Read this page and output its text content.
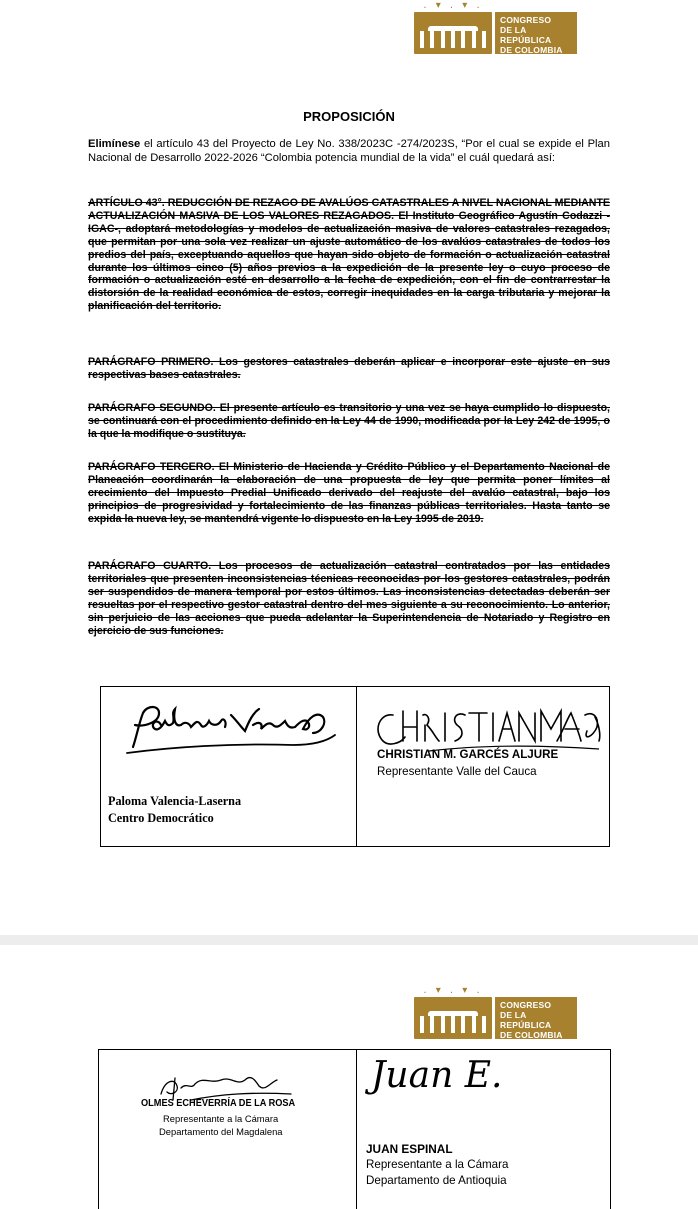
. ▾ . ▾ .
CONGRESO
DE LA REPÚBLICA
DE COLOMBIA
SENADO DE LA REPÚBLICA
PROPOSICIÓN
Elimínese el artículo 43 del Proyecto de Ley No. 338/2023C -274/2023S, “Por el cual se expide el Plan Nacional de Desarrollo 2022-2026 “Colombia potencia mundial de la vida” el cuál quedará así:

ARTÍCULO 43°. REDUCCIÓN DE REZAGO DE AVALÚOS CATASTRALES A NIVEL NACIONAL MEDIANTE ACTUALIZACIÓN MASIVA DE LOS VALORES REZAGADOS. El Instituto Geográfico Agustín Codazzi -IGAC-, adoptará metodologías y modelos de actualización masiva de valores catastrales rezagados, que permitan por una sola vez realizar un ajuste automático de los avalúos catastrales de todos los predios del país, exceptuando aquellos que hayan sido objeto de formación o actualización catastral durante los últimos cinco (5) años previos a la expedición de la presente ley o cuyo proceso de formación o actualización esté en desarrollo a la fecha de expedición, con el fin de contrarrestar la distorsión de la realidad económica de estos, corregir inequidades en la carga tributaria y mejorar la planificación del territorio.

PARÁGRAFO PRIMERO. Los gestores catastrales deberán aplicar e incorporar este ajuste en sus respectivas bases catastrales.

PARÁGRAFO SEGUNDO. El presente artículo es transitorio y una vez se haya cumplido lo dispuesto, se continuará con el procedimiento definido en la Ley 44 de 1990, modificada por la Ley 242 de 1995, o la que la modifique o sustituya.

PARÁGRAFO TERCERO. El Ministerio de Hacienda y Crédito Público y el Departamento Nacional de Planeación coordinarán la elaboración de una propuesta de ley que permita poner límites al crecimiento del Impuesto Predial Unificado derivado del reajuste del avalúo catastral, bajo los principios de progresividad y fortalecimiento de las finanzas públicas territoriales. Hasta tanto se expida la nueva ley, se mantendrá vigente lo dispuesto en la Ley 1995 de 2019.

PARÁGRAFO CUARTO. Los procesos de actualización catastral contratados por las entidades territoriales que presenten inconsistencias técnicas reconocidas por los gestores catastrales, podrán ser suspendidos de manera temporal por estos últimos. Las inconsistencias detectadas deberán ser resueltas por el respectivo gestor catastral dentro del mes siguiente a su reconocimiento. Lo anterior, sin perjuicio de las acciones que pueda adelantar la Superintendencia de Notariado y Registro en ejercicio de sus funciones.

Paloma Valencia-Laserna
Centro Democrático
CHRISTIAN M. GARCÉS ALJURE
Representante Valle del Cauca
. ▾ . ▾ .
CONGRESO
DE LA REPÚBLICA
DE COLOMBIA
SENADO DE LA REPÚBLICA
OLMES ECHEVERRÍA DE LA ROSA
Representante a la Cámara
Departamento del Magdalena
Juan E.
JUAN ESPINAL
Representante a la Cámara
Departamento de Antioquia
